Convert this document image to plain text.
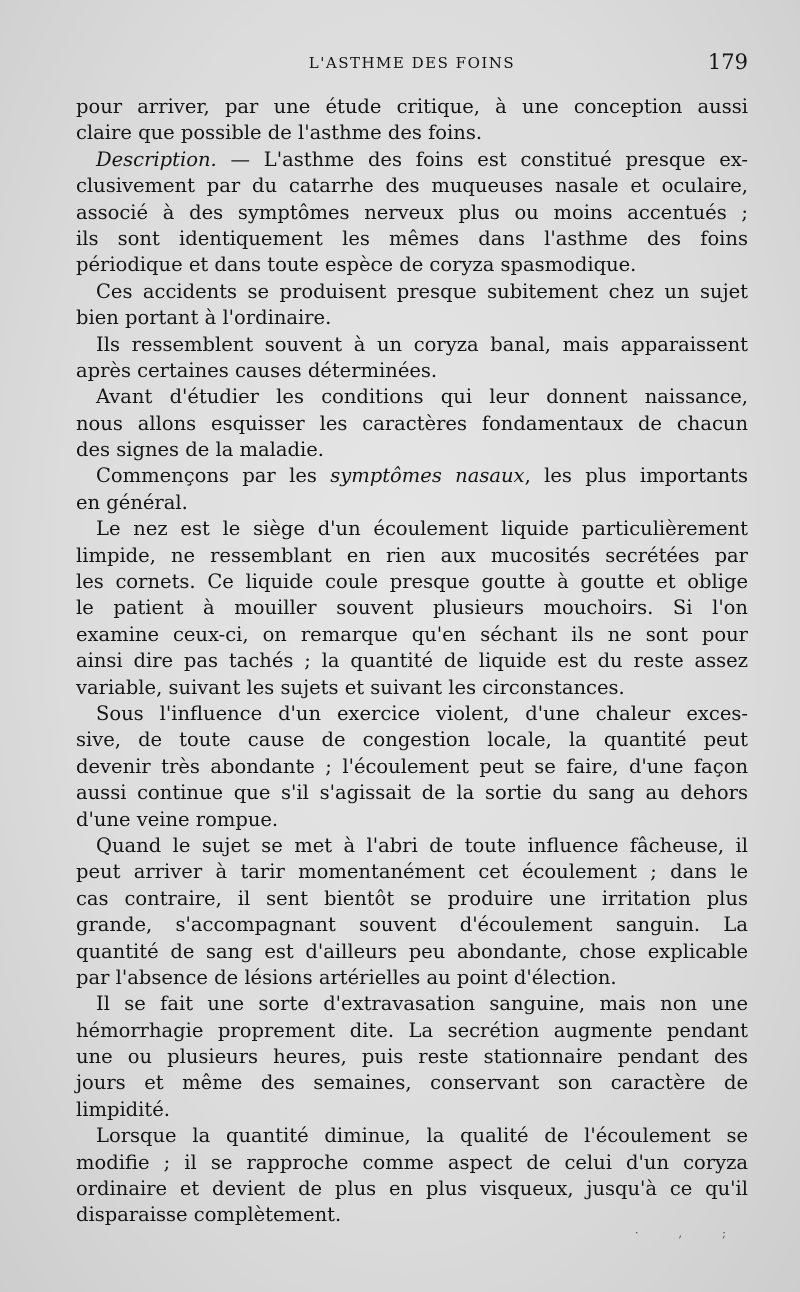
L'ASTHME DES FOINS	179
pour arriver, par une étude critique, à une conception aussi
claire que possible de l'asthme des foins.
Description. — L'asthme des foins est constitué presque ex-
clusivement par du catarrhe des muqueuses nasale et oculaire,
associé à des symptômes nerveux plus ou moins accentués ;
ils sont identiquement les mêmes dans l'asthme des foins
périodique et dans toute espèce de coryza spasmodique.
Ces accidents se produisent presque subitement chez un sujet
bien portant à l'ordinaire.
Ils ressemblent souvent à un coryza banal, mais apparaissent
après certaines causes déterminées.
Avant d'étudier les conditions qui leur donnent naissance,
nous allons esquisser les caractères fondamentaux de chacun
des signes de la maladie.
Commençons par les symptômes nasaux, les plus importants
en général.
Le nez est le siège d'un écoulement liquide particulièrement
limpide, ne ressemblant en rien aux mucosités secrétées par
les cornets. Ce liquide coule presque goutte à goutte et oblige
le patient à mouiller souvent plusieurs mouchoirs. Si l'on
examine ceux-ci, on remarque qu'en séchant ils ne sont pour
ainsi dire pas tachés ; la quantité de liquide est du reste assez
variable, suivant les sujets et suivant les circonstances.
Sous l'influence d'un exercice violent, d'une chaleur exces-
sive, de toute cause de congestion locale, la quantité peut
devenir très abondante ; l'écoulement peut se faire, d'une façon
aussi continue que s'il s'agissait de la sortie du sang au dehors
d'une veine rompue.
Quand le sujet se met à l'abri de toute influence fâcheuse, il
peut arriver à tarir momentanément cet écoulement ; dans le
cas contraire, il sent bientôt se produire une irritation plus
grande, s'accompagnant souvent d'écoulement sanguin. La
quantité de sang est d'ailleurs peu abondante, chose explicable
par l'absence de lésions artérielles au point d'élection.
Il se fait une sorte d'extravasation sanguine, mais non une
hémorrhagie proprement dite. La secrétion augmente pendant
une ou plusieurs heures, puis reste stationnaire pendant des
jours et même des semaines, conservant son caractère de
limpidité.
Lorsque la quantité diminue, la qualité de l'écoulement se
modifie ; il se rapproche comme aspect de celui d'un coryza
ordinaire et devient de plus en plus visqueux, jusqu'à ce qu'il
disparaisse complètement.
· , ;
